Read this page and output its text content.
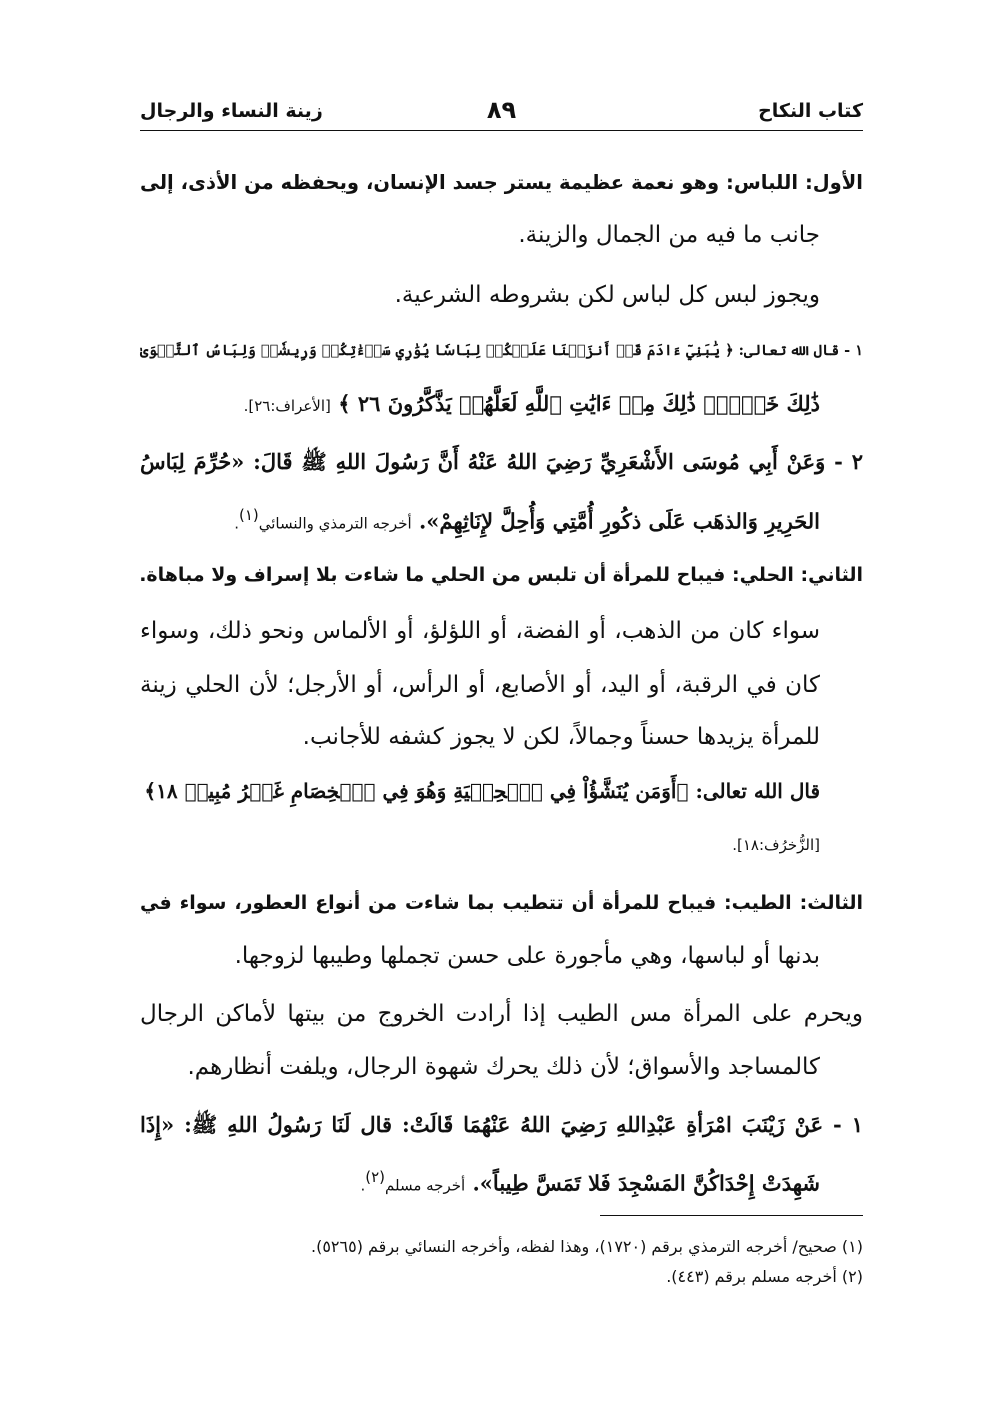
كتاب النكاح
٨٩
زينة النساء والرجال
الأول: اللباس: وهو نعمة عظيمة يستر جسد الإنسان، ويحفظه من الأذى، إلى
جانب ما فيه من الجمال والزينة.
ويجوز لبس كل لباس لكن بشروطه الشرعية.
١ - قال الله تعالى: ﴿ يَٰبَنِيٓ ءَادَمَ قَدۡ أَنزَلۡنَا عَلَيۡكُمۡ لِبَاسٗا يُوَٰرِي سَوۡءَٰتِكُمۡ وَرِيشٗاۖ وَلِبَاسُ ٱلتَّقۡوَىٰ
ذَٰلِكَ خَيۡرٞۚ ذَٰلِكَ مِنۡ ءَايَٰتِ ٱللَّهِ لَعَلَّهُمۡ يَذَّكَّرُونَ ٢٦ ﴾ [الأعراف:٢٦].
٢ - وَعَنْ أَبِي مُوسَى الأَشْعَرِيِّ رَضِيَ اللهُ عَنْهُ أَنَّ رَسُولَ اللهِ ﷺ قَالَ: «حُرِّمَ لِبَاسُ
الحَرِيرِ وَالذهَب عَلَى ذكُورِ أُمَّتِي وَأُحِلَّ لإِنَاثِهِمْ». أخرجه الترمذي والنسائي$^{(١)}$.
الثاني: الحلي: فيباح للمرأة أن تلبس من الحلي ما شاءت بلا إسراف ولا مباهاة.
سواء كان من الذهب، أو الفضة، أو اللؤلؤ، أو الألماس ونحو ذلك، وسواء
كان في الرقبة، أو اليد، أو الأصابع، أو الرأس، أو الأرجل؛ لأن الحلي زينة
للمرأة يزيدها حسناً وجمالاً، لكن لا يجوز كشفه للأجانب.
قال الله تعالى: ﴿أَوَمَن يُنَشَّؤُاْ فِي ٱلۡحِلۡيَةِ وَهُوَ فِي ٱلۡخِصَامِ غَيۡرُ مُبِينٖ ١٨﴾
[الزُّخرُف:١٨].
الثالث: الطيب: فيباح للمرأة أن تتطيب بما شاءت من أنواع العطور، سواء في
بدنها أو لباسها، وهي مأجورة على حسن تجملها وطيبها لزوجها.
ويحرم على المرأة مس الطيب إذا أرادت الخروج من بيتها لأماكن الرجال
كالمساجد والأسواق؛ لأن ذلك يحرك شهوة الرجال، ويلفت أنظارهم.
١ - عَنْ زَيْنَبَ امْرَأةِ عَبْدِاللهِ رَضِيَ اللهُ عَنْهُمَا قَالَتْ: قال لَنَا رَسُولُ اللهِ ﷺ: «إِذَا
شَهِدَتْ إِحْدَاكُنَّ المَسْجِدَ فَلا تَمَسَّ طِيباً». أخرجه مسلم$^{(٢)}$.
(١) صحيح/ أخرجه الترمذي برقم (١٧٢٠)، وهذا لفظه، وأخرجه النسائي برقم (٥٢٦٥).
(٢) أخرجه مسلم برقم (٤٤٣).
